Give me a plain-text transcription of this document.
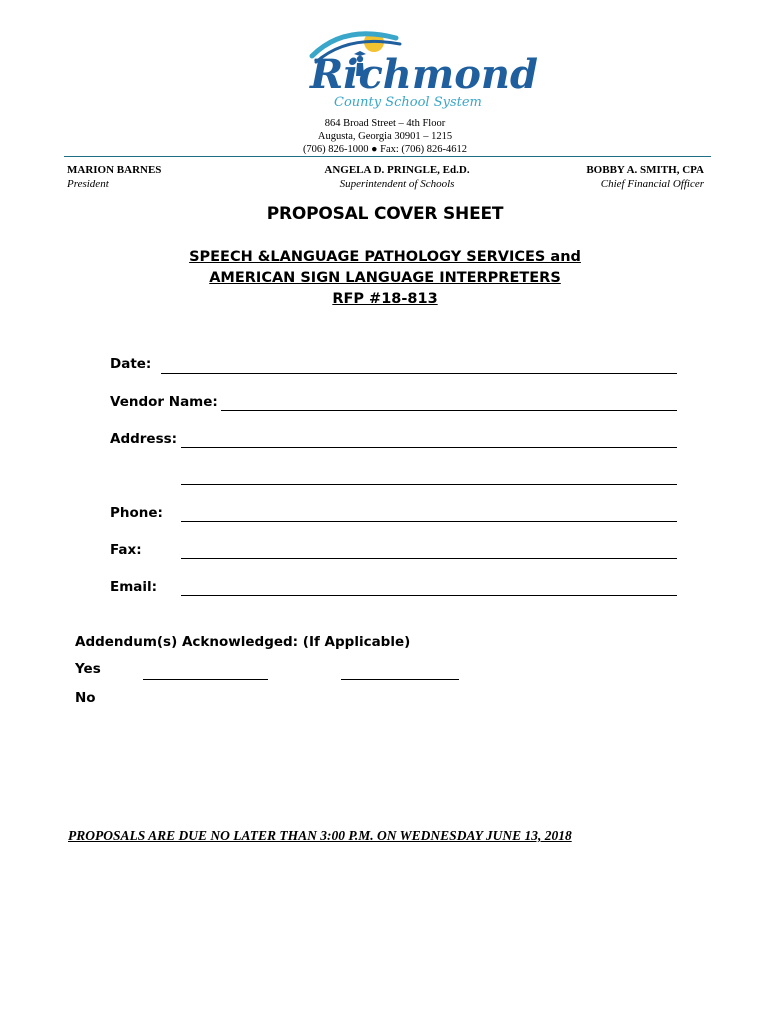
Richmond
County School System
864 Broad Street – 4th Floor
Augusta, Georgia 30901 – 1215
(706) 826-1000 ● Fax: (706) 826-4612
MARION BARNES
President
ANGELA D. PRINGLE, Ed.D.
Superintendent of Schools
BOBBY A. SMITH, CPA
Chief Financial Officer
PROPOSAL COVER SHEET
SPEECH &LANGUAGE PATHOLOGY SERVICES and
AMERICAN SIGN LANGUAGE INTERPRETERS
RFP #18-813
Date:
Vendor Name:
Address:
Phone:
Fax:
Email:
Addendum(s) Acknowledged: (If Applicable)
Yes
No
PROPOSALS ARE DUE NO LATER THAN 3:00 P.M. ON WEDNESDAY JUNE 13, 2018
